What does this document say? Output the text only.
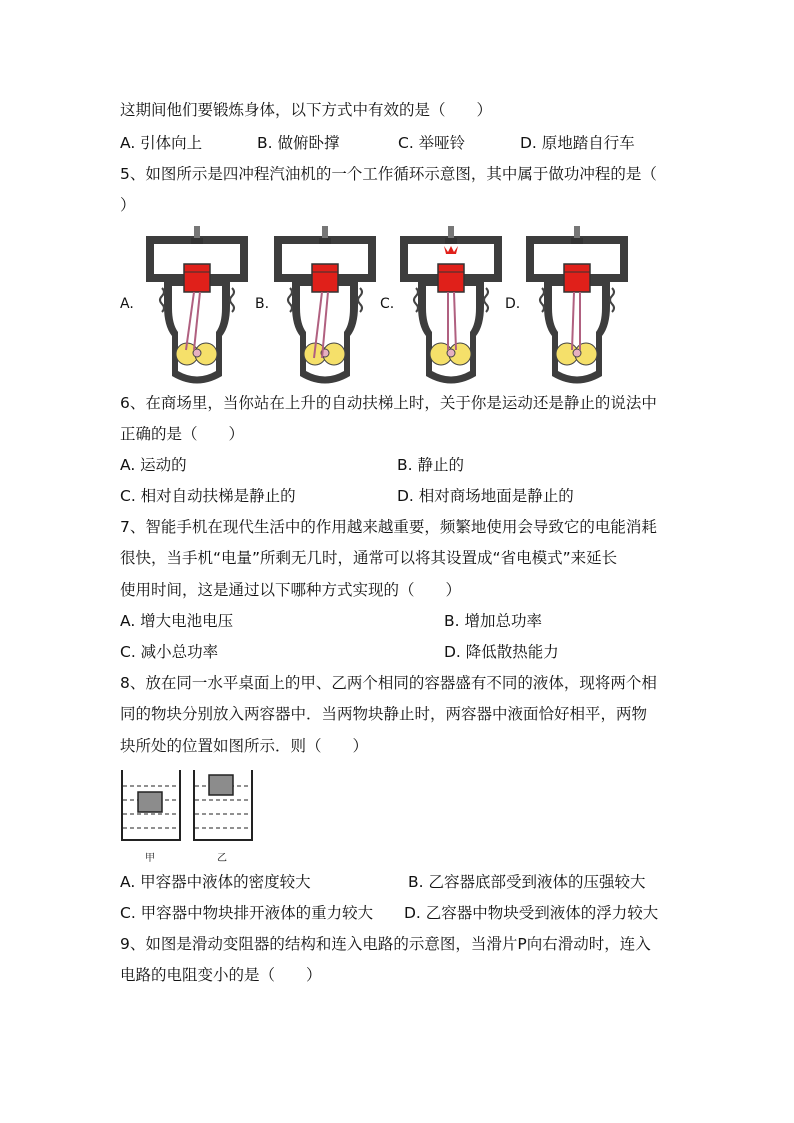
这期间他们要锻炼身体，以下方式中有效的是（　　）
A. 引体向上	B. 做俯卧撑	C. 举哑铃	D. 原地踏自行车
5、如图所示是四冲程汽油机的一个工作循环示意图，其中属于做功冲程的是（
）
A.	B.	C.	D.
6、在商场里，当你站在上升的自动扶梯上时，关于你是运动还是静止的说法中
正确的是（　　）
A. 运动的	B. 静止的
C. 相对自动扶梯是静止的	D. 相对商场地面是静止的
7、智能手机在现代生活中的作用越来越重要，频繁地使用会导致它的电能消耗
很快，当手机“电量”所剩无几时，通常可以将其设置成“省电模式”来延长
使用时间，这是通过以下哪种方式实现的（　　）
A. 增大电池电压	B. 增加总功率
C. 减小总功率	D. 降低散热能力
8、放在同一水平桌面上的甲、乙两个相同的容器盛有不同的液体，现将两个相
同的物块分别放入两容器中．当两物块静止时，两容器中液面恰好相平，两物
块所处的位置如图所示．则（　　）
甲	乙
A. 甲容器中液体的密度较大	B. 乙容器底部受到液体的压强较大
C. 甲容器中物块排开液体的重力较大 D. 乙容器中物块受到液体的浮力较大
9、如图是滑动变阻器的结构和连入电路的示意图，当滑片P向右滑动时，连入
电路的电阻变小的是（　　）
